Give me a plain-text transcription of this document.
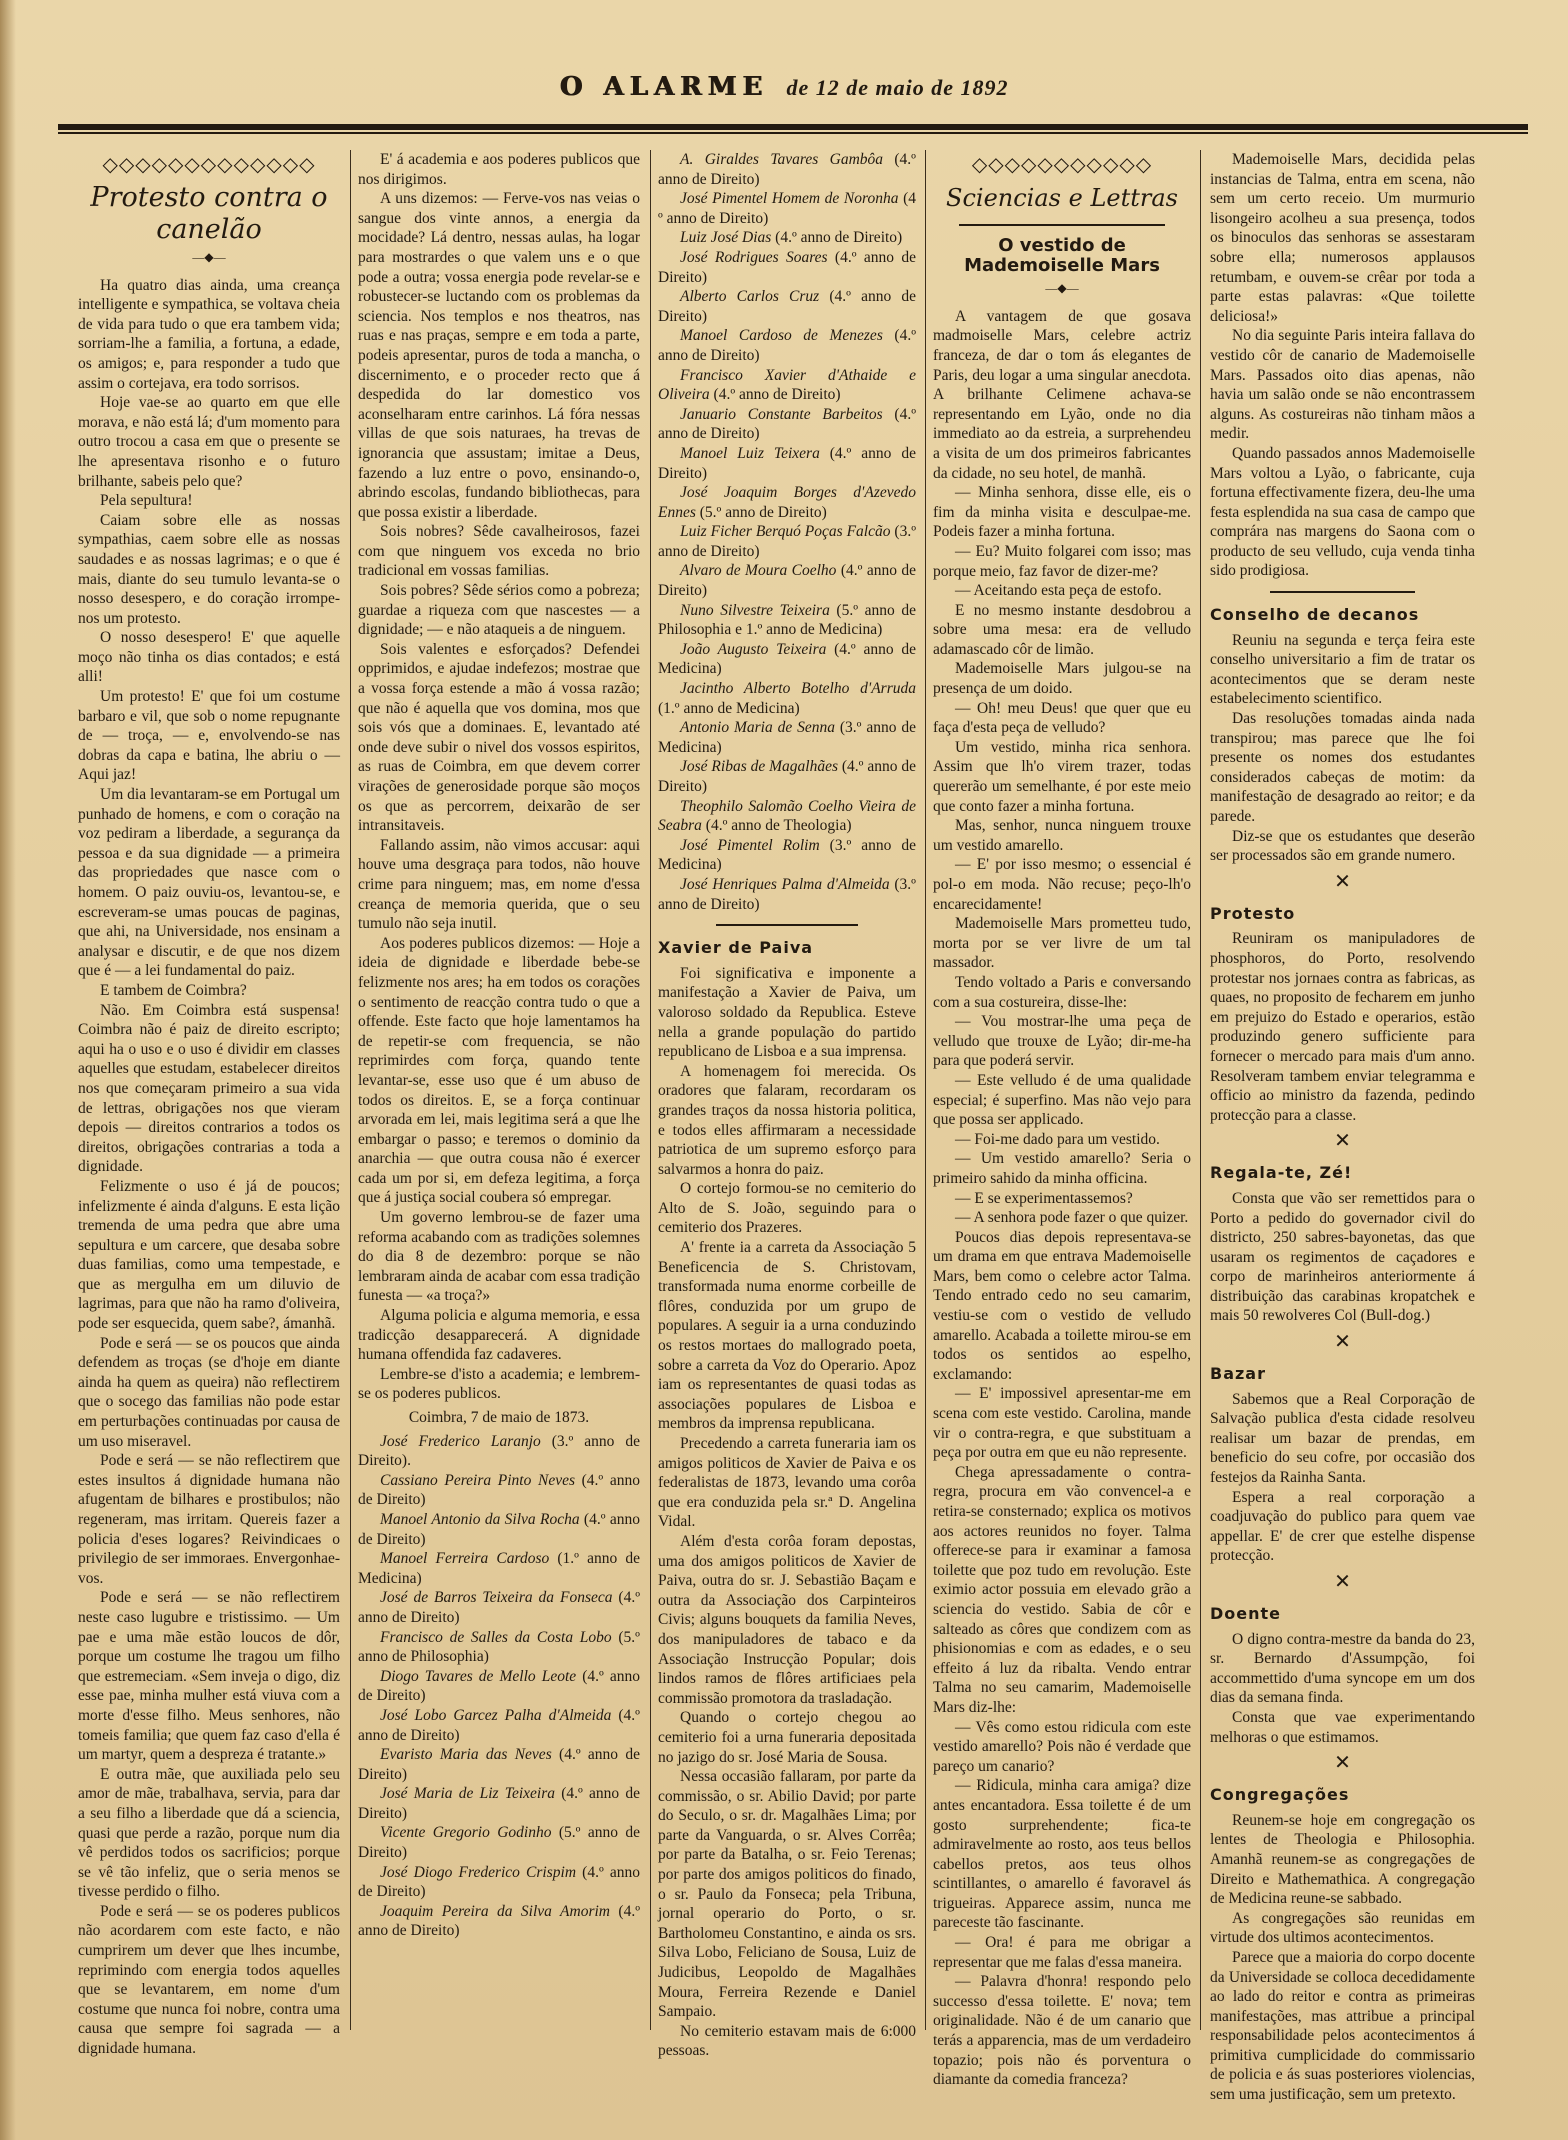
O ALARME de 12 de maio de 1892
◇◇◇◇◇◇◇◇◇◇◇◇◇
Protesto contra o canelão
—◆—

Ha quatro dias ainda, uma creança intelligente e sympathica, se voltava cheia de vida para tudo o que era tambem vida; sorriam-lhe a familia, a fortuna, a edade, os amigos; e, para responder a tudo que assim o cortejava, era todo sorrisos.

Hoje vae-se ao quarto em que elle morava, e não está lá; d'um momento para outro trocou a casa em que o presente se lhe apresentava risonho e o futuro brilhante, sabeis pelo que?

Pela sepultura!

Caiam sobre elle as nossas sympathias, caem sobre elle as nossas saudades e as nossas lagrimas; e o que é mais, diante do seu tumulo levanta-se o nosso desespero, e do coração irrompe-nos um protesto.

O nosso desespero! E' que aquelle moço não tinha os dias contados; e está alli!

Um protesto! E' que foi um costume barbaro e vil, que sob o nome repugnante de — troça, — e, envolvendo-se nas dobras da capa e batina, lhe abriu o — Aqui jaz!

Um dia levantaram-se em Portugal um punhado de homens, e com o coração na voz pediram a liberdade, a segurança da pessoa e da sua dignidade — a primeira das propriedades que nasce com o homem. O paiz ouviu-os, levantou-se, e escreveram-se umas poucas de paginas, que ahi, na Universidade, nos ensinam a analysar e discutir, e de que nos dizem que é — a lei fundamental do paiz.

E tambem de Coimbra?

Não. Em Coimbra está suspensa! Coimbra não é paiz de direito escripto; aqui ha o uso e o uso é dividir em classes aquelles que estudam, estabelecer direitos nos que começaram primeiro a sua vida de lettras, obrigações nos que vieram depois — direitos contrarios a todos os direitos, obrigações contrarias a toda a dignidade.

Felizmente o uso é já de poucos; infelizmente é ainda d'alguns. E esta lição tremenda de uma pedra que abre uma sepultura e um carcere, que desaba sobre duas familias, como uma tempestade, e que as mergulha em um diluvio de lagrimas, para que não ha ramo d'oliveira, pode ser esquecida, quem sabe?, ámanhã.

Pode e será — se os poucos que ainda defendem as troças (se d'hoje em diante ainda ha quem as queira) não reflectirem que o socego das familias não pode estar em perturbações continuadas por causa de um uso miseravel.

Pode e será — se não reflectirem que estes insultos á dignidade humana não afugentam de bilhares e prostibulos; não regeneram, mas irritam. Quereis fazer a policia d'eses logares? Reivindicaes o privilegio de ser immoraes. Envergonhae-vos.

Pode e será — se não reflectirem neste caso lugubre e tristissimo. — Um pae e uma mãe estão loucos de dôr, porque um costume lhe tragou um filho que estremeciam. «Sem inveja o digo, diz esse pae, minha mulher está viuva com a morte d'esse filho. Meus senhores, não tomeis familia; que quem faz caso d'ella é um martyr, quem a despreza é tratante.»

E outra mãe, que auxiliada pelo seu amor de mãe, trabalhava, servia, para dar a seu filho a liberdade que dá a sciencia, quasi que perde a razão, porque num dia vê perdidos todos os sacrificios; porque se vê tão infeliz, que o seria menos se tivesse perdido o filho.

Pode e será — se os poderes publicos não acordarem com este facto, e não cumprirem um dever que lhes incumbe, reprimindo com energia todos aquelles que se levantarem, em nome d'um costume que nunca foi nobre, contra uma causa que sempre foi sagrada — a dignidade humana.

E' á academia e aos poderes publicos que nos dirigimos.

A uns dizemos: — Ferve-vos nas veias o sangue dos vinte annos, a energia da mocidade? Lá dentro, nessas aulas, ha logar para mostrardes o que valem uns e o que pode a outra; vossa energia pode revelar-se e robustecer-se luctando com os problemas da sciencia. Nos templos e nos theatros, nas ruas e nas praças, sempre e em toda a parte, podeis apresentar, puros de toda a mancha, o discernimento, e o proceder recto que á despedida do lar domestico vos aconselharam entre carinhos. Lá fóra nessas villas de que sois naturaes, ha trevas de ignorancia que assustam; imitae a Deus, fazendo a luz entre o povo, ensinando-o, abrindo escolas, fundando bibliothecas, para que possa existir a liberdade.

Sois nobres? Sêde cavalheirosos, fazei com que ninguem vos exceda no brio tradicional em vossas familias.

Sois pobres? Sêde sérios como a pobreza; guardae a riqueza com que nascestes — a dignidade; — e não ataqueis a de ninguem.

Sois valentes e esforçados? Defendei opprimidos, e ajudae indefezos; mostrae que a vossa força estende a mão á vossa razão; que não é aquella que vos domina, mos que sois vós que a dominaes. E, levantado até onde deve subir o nivel dos vossos espiritos, as ruas de Coimbra, em que devem correr virações de generosidade porque são moços os que as percorrem, deixarão de ser intransitaveis.

Fallando assim, não vimos accusar: aqui houve uma desgraça para todos, não houve crime para ninguem; mas, em nome d'essa creança de memoria querida, que o seu tumulo não seja inutil.

Aos poderes publicos dizemos: — Hoje a ideia de dignidade e liberdade bebe-se felizmente nos ares; ha em todos os corações o sentimento de reacção contra tudo o que a offende. Este facto que hoje lamentamos ha de repetir-se com frequencia, se não reprimirdes com força, quando tente levantar-se, esse uso que é um abuso de todos os direitos. E, se a força continuar arvorada em lei, mais legitima será a que lhe embargar o passo; e teremos o dominio da anarchia — que outra cousa não é exercer cada um por si, em defeza legitima, a força que á justiça social coubera só empregar.

Um governo lembrou-se de fazer uma reforma acabando com as tradições solemnes do dia 8 de dezembro: porque se não lembraram ainda de acabar com essa tradição funesta — «a troça?»

Alguma policia e alguma memoria, e essa tradicção desapparecerá. A dignidade humana offendida faz cadaveres.

Lembre-se d'isto a academia; e lembrem-se os poderes publicos.

Coimbra, 7 de maio de 1873.

José Frederico Laranjo (3.º anno de Direito).

Cassiano Pereira Pinto Neves (4.º anno de Direito)

Manoel Antonio da Silva Rocha (4.º anno de Direito)

Manoel Ferreira Cardoso (1.º anno de Medicina)

José de Barros Teixeira da Fonseca (4.º anno de Direito)

Francisco de Salles da Costa Lobo (5.º anno de Philosophia)

Diogo Tavares de Mello Leote (4.º anno de Direito)

José Lobo Garcez Palha d'Almeida (4.º anno de Direito)

Evaristo Maria das Neves (4.º anno de Direito)

José Maria de Liz Teixeira (4.º anno de Direito)

Vicente Gregorio Godinho (5.º anno de Direito)

José Diogo Frederico Crispim (4.º anno de Direito)

Joaquim Pereira da Silva Amorim (4.º anno de Direito)

A. Giraldes Tavares Gambôa (4.º anno de Direito)

José Pimentel Homem de Noronha (4 º anno de Direito)

Luiz José Dias (4.º anno de Direito)

José Rodrigues Soares (4.º anno de Direito)

Alberto Carlos Cruz (4.º anno de Direito)

Manoel Cardoso de Menezes (4.º anno de Direito)

Francisco Xavier d'Athaide e Oliveira (4.º anno de Direito)

Januario Constante Barbeitos (4.º anno de Direito)

Manoel Luiz Teixera (4.º anno de Direito)

José Joaquim Borges d'Azevedo Ennes (5.º anno de Direito)

Luiz Ficher Berquó Poças Falcão (3.º anno de Direito)

Alvaro de Moura Coelho (4.º anno de Direito)

Nuno Silvestre Teixeira (5.º anno de Philosophia e 1.º anno de Medicina)

João Augusto Teixeira (4.º anno de Medicina)

Jacintho Alberto Botelho d'Arruda (1.º anno de Medicina)

Antonio Maria de Senna (3.º anno de Medicina)

José Ribas de Magalhães (4.º anno de Direito)

Theophilo Salomão Coelho Vieira de Seabra (4.º anno de Theologia)

José Pimentel Rolim (3.º anno de Medicina)

José Henriques Palma d'Almeida (3.º anno de Direito)

Xavier de Paiva

Foi significativa e imponente a manifestação a Xavier de Paiva, um valoroso soldado da Republica. Esteve nella a grande população do partido republicano de Lisboa e a sua imprensa.

A homenagem foi merecida. Os oradores que falaram, recordaram os grandes traços da nossa historia politica, e todos elles affirmaram a necessidade patriotica de um supremo esforço para salvarmos a honra do paiz.

O cortejo formou-se no cemiterio do Alto de S. João, seguindo para o cemiterio dos Prazeres.

A' frente ia a carreta da Associação 5 Beneficencia de S. Christovam, transformada numa enorme corbeille de flôres, conduzida por um grupo de populares. A seguir ia a urna conduzindo os restos mortaes do mallogrado poeta, sobre a carreta da Voz do Operario. Apoz iam os representantes de quasi todas as associações populares de Lisboa e membros da imprensa republicana.

Precedendo a carreta funeraria iam os amigos politicos de Xavier de Paiva e os federalistas de 1873, levando uma corôa que era conduzida pela sr.ª D. Angelina Vidal.

Além d'esta corôa foram depostas, uma dos amigos politicos de Xavier de Paiva, outra do sr. J. Sebastião Baçam e outra da Associação dos Carpinteiros Civis; alguns bouquets da familia Neves, dos manipuladores de tabaco e da Associação Instrucção Popular; dois lindos ramos de flôres artificiaes pela commissão promotora da trasladação.

Quando o cortejo chegou ao cemiterio foi a urna funeraria depositada no jazigo do sr. José Maria de Sousa.

Nessa occasião fallaram, por parte da commissão, o sr. Abilio David; por parte do Seculo, o sr. dr. Magalhães Lima; por parte da Vanguarda, o sr. Alves Corrêa; por parte da Batalha, o sr. Feio Terenas; por parte dos amigos politicos do finado, o sr. Paulo da Fonseca; pela Tribuna, jornal operario do Porto, o sr. Bartholomeu Constantino, e ainda os srs. Silva Lobo, Feliciano de Sousa, Luiz de Judicibus, Leopoldo de Magalhães Moura, Ferreira Rezende e Daniel Sampaio.

No cemiterio estavam mais de 6:000 pessoas.

◇◇◇◇◇◇◇◇◇◇◇
Sciencias e Lettras
O vestido de Mademoiselle Mars
—◆—

A vantagem de que gosava madmoiselle Mars, celebre actriz franceza, de dar o tom ás elegantes de Paris, deu logar a uma singular anecdota. A brilhante Celimene achava-se representando em Lyão, onde no dia immediato ao da estreia, a surprehendeu a visita de um dos primeiros fabricantes da cidade, no seu hotel, de manhã.

— Minha senhora, disse elle, eis o fim da minha visita e desculpae-me. Podeis fazer a minha fortuna.

— Eu? Muito folgarei com isso; mas porque meio, faz favor de dizer-me?

— Aceitando esta peça de estofo.

E no mesmo instante desdobrou a sobre uma mesa: era de velludo adamascado côr de limão.

Mademoiselle Mars julgou-se na presença de um doido.

— Oh! meu Deus! que quer que eu faça d'esta peça de velludo?

Um vestido, minha rica senhora. Assim que lh'o virem trazer, todas quererão um semelhante, é por este meio que conto fazer a minha fortuna.

Mas, senhor, nunca ninguem trouxe um vestido amarello.

— E' por isso mesmo; o essencial é pol-o em moda. Não recuse; peço-lh'o encarecidamente!

Mademoiselle Mars prometteu tudo, morta por se ver livre de um tal massador.

Tendo voltado a Paris e conversando com a sua costureira, disse-lhe:

— Vou mostrar-lhe uma peça de velludo que trouxe de Lyão; dir-me-ha para que poderá servir.

— Este velludo é de uma qualidade especial; é superfino. Mas não vejo para que possa ser applicado.

— Foi-me dado para um vestido.

— Um vestido amarello? Seria o primeiro sahido da minha officina.

— E se experimentassemos?

— A senhora pode fazer o que quizer.

Poucos dias depois representava-se um drama em que entrava Mademoiselle Mars, bem como o celebre actor Talma. Tendo entrado cedo no seu camarim, vestiu-se com o vestido de velludo amarello. Acabada a toilette mirou-se em todos os sentidos ao espelho, exclamando:

— E' impossivel apresentar-me em scena com este vestido. Carolina, mande vir o contra-regra, e que substituam a peça por outra em que eu não represente.

Chega apressadamente o contra-regra, procura em vão convencel-a e retira-se consternado; explica os motivos aos actores reunidos no foyer. Talma offerece-se para ir examinar a famosa toilette que poz tudo em revolução. Este eximio actor possuia em elevado grão a sciencia do vestido. Sabia de côr e salteado as côres que condizem com as phisionomias e com as edades, e o seu effeito á luz da ribalta. Vendo entrar Talma no seu camarim, Mademoiselle Mars diz-lhe:

— Vês como estou ridicula com este vestido amarello? Pois não é verdade que pareço um canario?

— Ridicula, minha cara amiga? dize antes encantadora. Essa toilette é de um gosto surprehendente; fica-te admiravelmente ao rosto, aos teus bellos cabellos pretos, aos teus olhos scintillantes, o amarello é favoravel ás trigueiras. Apparece assim, nunca me pareceste tão fascinante.

— Ora! é para me obrigar a representar que me falas d'essa maneira.

— Palavra d'honra! respondo pelo successo d'essa toilette. E' nova; tem originalidade. Não é de um canario que terás a apparencia, mas de um verdadeiro topazio; pois não és porventura o diamante da comedia franceza?

Mademoiselle Mars, decidida pelas instancias de Talma, entra em scena, não sem um certo receio. Um murmurio lisongeiro acolheu a sua presença, todos os binoculos das senhoras se assestaram sobre ella; numerosos applausos retumbam, e ouvem-se crêar por toda a parte estas palavras: «Que toilette deliciosa!»

No dia seguinte Paris inteira fallava do vestido côr de canario de Mademoiselle Mars. Passados oito dias apenas, não havia um salão onde se não encontrassem alguns. As costureiras não tinham mãos a medir.

Quando passados annos Mademoiselle Mars voltou a Lyão, o fabricante, cuja fortuna effectivamente fizera, deu-lhe uma festa esplendida na sua casa de campo que comprára nas margens do Saona com o producto de seu velludo, cuja venda tinha sido prodigiosa.

Conselho de decanos

Reuniu na segunda e terça feira este conselho universitario a fim de tratar os acontecimentos que se deram neste estabelecimento scientifico.

Das resoluções tomadas ainda nada transpirou; mas parece que lhe foi presente os nomes dos estudantes considerados cabeças de motim: da manifestação de desagrado ao reitor; e da parede.

Diz-se que os estudantes que deserão ser processados são em grande numero.

✕
Protesto

Reuniram os manipuladores de phosphoros, do Porto, resolvendo protestar nos jornaes contra as fabricas, as quaes, no proposito de fecharem em junho em prejuizo do Estado e operarios, estão produzindo genero sufficiente para fornecer o mercado para mais d'um anno. Resolveram tambem enviar telegramma e officio ao ministro da fazenda, pedindo protecção para a classe.

✕
Regala-te, Zé!

Consta que vão ser remettidos para o Porto a pedido do governador civil do districto, 250 sabres-bayonetas, das que usaram os regimentos de caçadores e corpo de marinheiros anteriormente á distribuição das carabinas kropatchek e mais 50 rewolveres Col (Bull-dog.)

✕
Bazar

Sabemos que a Real Corporação de Salvação publica d'esta cidade resolveu realisar um bazar de prendas, em beneficio do seu cofre, por occasião dos festejos da Rainha Santa.

Espera a real corporação a coadjuvação do publico para quem vae appellar. E' de crer que estelhe dispense protecção.

✕
Doente

O digno contra-mestre da banda do 23, sr. Bernardo d'Assumpção, foi accommettido d'uma syncope em um dos dias da semana finda.

Consta que vae experimentando melhoras o que estimamos.

✕
Congregações

Reunem-se hoje em congregação os lentes de Theologia e Philosophia. Amanhã reunem-se as congregações de Direito e Mathemathica. A congregação de Medicina reune-se sabbado.

As congregações são reunidas em virtude dos ultimos acontecimentos.

Parece que a maioria do corpo docente da Universidade se colloca decedidamente ao lado do reitor e contra as primeiras manifestações, mas attribue a principal responsabilidade pelos acontecimentos á primitiva cumplicidade do commissario de policia e ás suas posteriores violencias, sem uma justificação, sem um pretexto.
